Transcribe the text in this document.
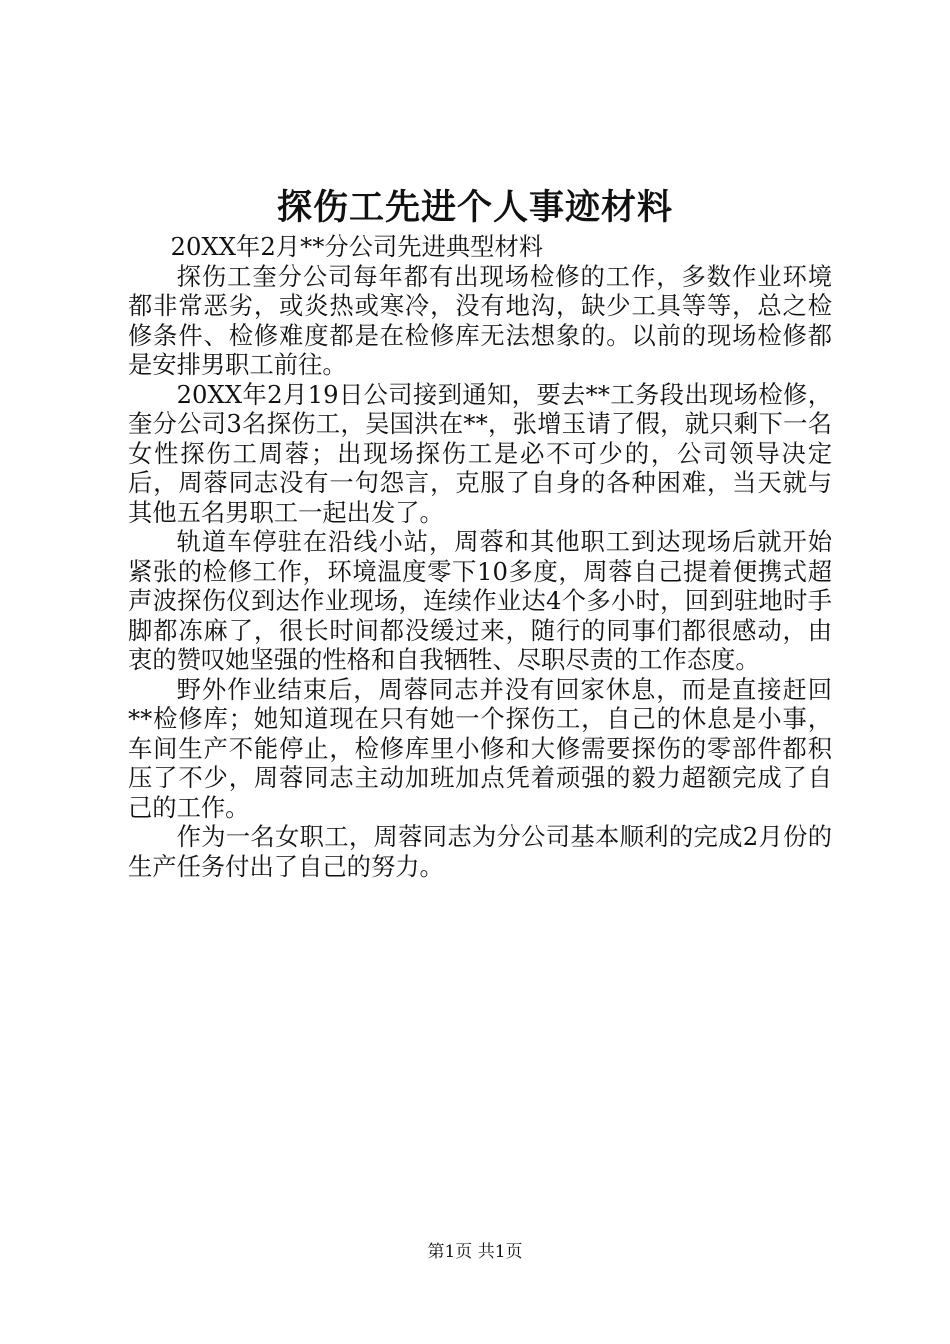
探伤工先进个人事迹材料

20XX年2月**分公司先进典型材料

探伤工奎分公司每年都有出现场检修的工作，多数作业环境都非常恶劣，或炎热或寒冷，没有地沟，缺少工具等等，总之检修条件、检修难度都是在检修库无法想象的。以前的现场检修都是安排男职工前往。

20XX年2月19日公司接到通知，要去**工务段出现场检修，奎分公司3名探伤工，吴国洪在**，张增玉请了假，就只剩下一名女性探伤工周蓉；出现场探伤工是必不可少的，公司领导决定后，周蓉同志没有一句怨言，克服了自身的各种困难，当天就与其他五名男职工一起出发了。

轨道车停驻在沿线小站，周蓉和其他职工到达现场后就开始紧张的检修工作，环境温度零下10多度，周蓉自己提着便携式超声波探伤仪到达作业现场，连续作业达4个多小时，回到驻地时手脚都冻麻了，很长时间都没缓过来，随行的同事们都很感动，由衷的赞叹她坚强的性格和自我牺牲、尽职尽责的工作态度。

野外作业结束后，周蓉同志并没有回家休息，而是直接赶回**检修库；她知道现在只有她一个探伤工，自己的休息是小事，车间生产不能停止，检修库里小修和大修需要探伤的零部件都积压了不少，周蓉同志主动加班加点凭着顽强的毅力超额完成了自己的工作。

作为一名女职工，周蓉同志为分公司基本顺利的完成2月份的生产任务付出了自己的努力。

第1页 共1页
